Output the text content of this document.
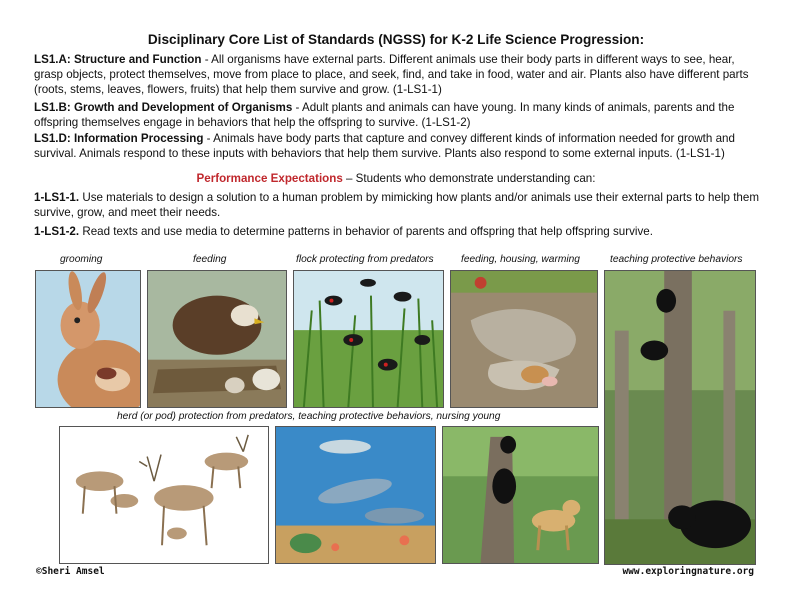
Disciplinary Core List of Standards (NGSS) for K-2 Life Science Progression:
LS1.A: Structure and Function - All organisms have external parts. Different animals use their body parts in different ways to see, hear, grasp objects, protect themselves, move from place to place, and seek, find, and take in food, water and air. Plants also have different parts (roots, stems, leaves, flowers, fruits) that help them survive and grow. (1-LS1-1)
LS1.B: Growth and Development of Organisms - Adult plants and animals can have young. In many kinds of animals, parents and the offspring themselves engage in behaviors that help the offspring to survive. (1-LS1-2)
LS1.D: Information Processing - Animals have body parts that capture and convey different kinds of information needed for growth and survival. Animals respond to these inputs with behaviors that help them survive. Plants also respond to some external inputs. (1-LS1-1)
Performance Expectations – Students who demonstrate understanding can:
1-LS1-1. Use materials to design a solution to a human problem by mimicking how plants and/or animals use their external parts to help them survive, grow, and meet their needs.
1-LS1-2. Read texts and use media to determine patterns in behavior of parents and offspring that help offspring survive.
grooming	feeding	flock protecting from predators	feeding, housing, warming	teaching protective behaviors
herd (or pod) protection from predators, teaching protective behaviors, nursing young
©Sheri Amsel	www.exploringnature.org
